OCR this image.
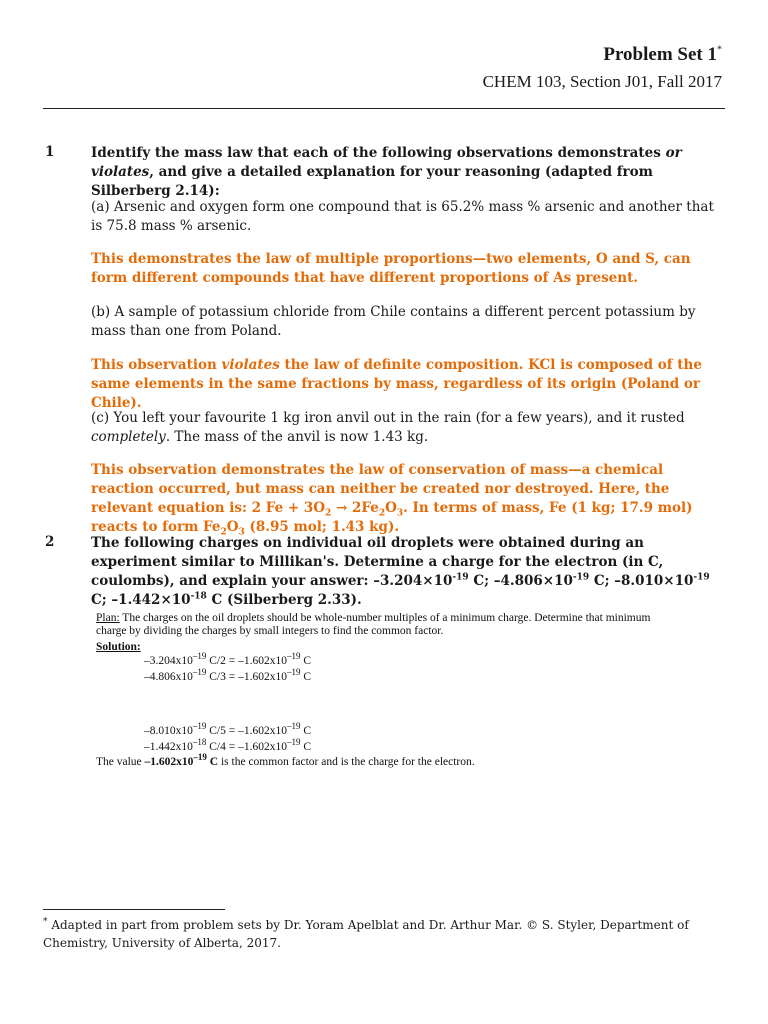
Problem Set 1*
CHEM 103, Section J01, Fall 2017
1	Identify the mass law that each of the following observations demonstrates or violates, and give a detailed explanation for your reasoning (adapted from Silberberg 2.14):
(a) Arsenic and oxygen form one compound that is 65.2% mass % arsenic and another that is 75.8 mass % arsenic.
This demonstrates the law of multiple proportions—two elements, O and S, can form different compounds that have different proportions of As present.
(b) A sample of potassium chloride from Chile contains a different percent potassium by mass than one from Poland.
This observation violates the law of definite composition. KCl is composed of the same elements in the same fractions by mass, regardless of its origin (Poland or Chile).
(c) You left your favourite 1 kg iron anvil out in the rain (for a few years), and it rusted completely. The mass of the anvil is now 1.43 kg.
This observation demonstrates the law of conservation of mass—a chemical reaction occurred, but mass can neither be created nor destroyed. Here, the relevant equation is: 2 $Fe + 3O_2 \to 2Fe_2O_3$. In terms of mass, Fe (1 kg; 17.9 mol) reacts to form $Fe_2O_3$ (8.95 mol; 1.43 kg).
2	The following charges on individual oil droplets were obtained during an experiment similar to Millikan's. Determine a charge for the electron (in C, coulombs), and explain your answer: $-3.204\times 10^{-19}$ C; $-4.806\times 10^{-19}$ C; $-8.010\times 10^{-19}$ C; $-1.442\times 10^{-18}$ C (Silberberg 2.33).
Plan: The charges on the oil droplets should be whole-number multiples of a minimum charge. Determine that minimum charge by dividing the charges by small integers to find the common factor.
Solution:
$-3.204x10^{-19}$ $C/2 = -1.602x10^{-19}$ C
$-4.806x10^{-19}$ $C/3 = -1.602x10^{-19}$ C
$-8.010x10^{-19}$ $C/5 = -1.602x10^{-19}$ C
$-1.442x10^{-18}$ $C/4 = -1.602x10^{-19}$ C
The value $-1.602x10^{-19}$ C is the common factor and is the charge for the electron.
* Adapted in part from problem sets by Dr. Yoram Apelblat and Dr. Arthur Mar. © S. Styler, Department of Chemistry, University of Alberta, 2017.
